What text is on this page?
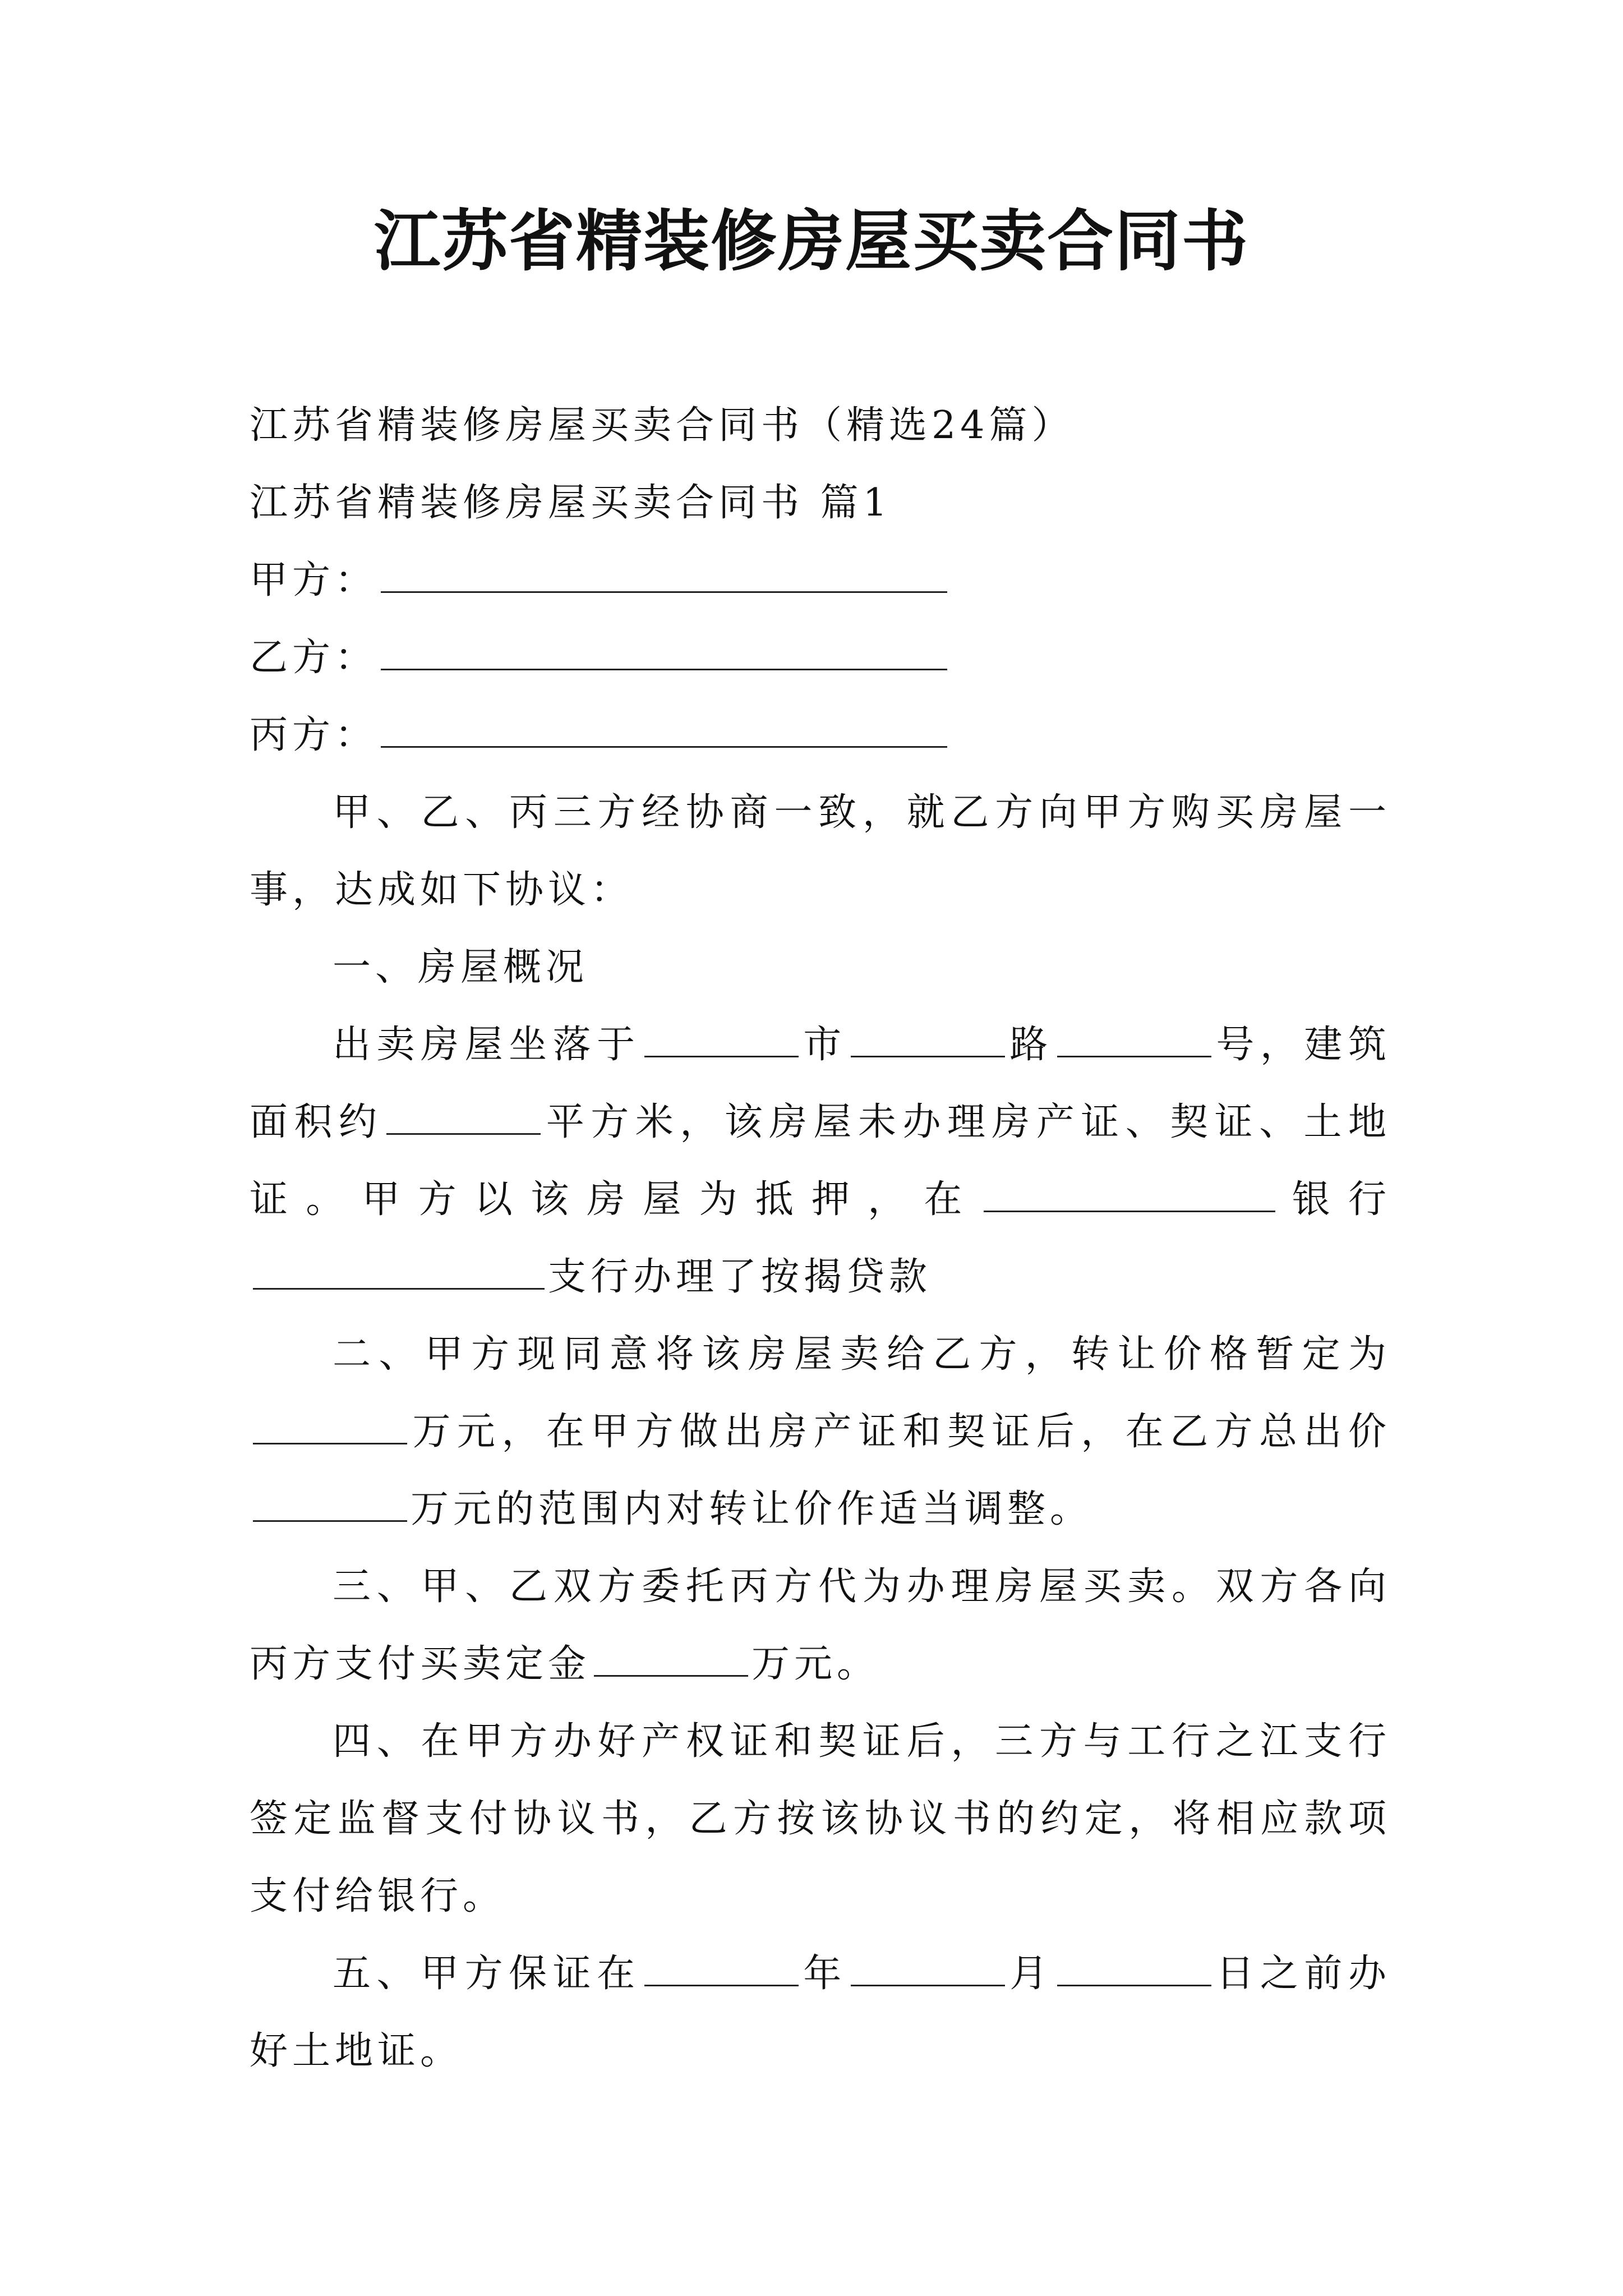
江苏省精装修房屋买卖合同书

江苏省精装修房屋买卖合同书（精选24篇）

江苏省精装修房屋买卖合同书 篇1

甲方：

乙方：

丙方：

甲、乙、丙三方经协商一致，就乙方向甲方购买房屋一事，达成如下协议：

一、房屋概况

出卖房屋坐落于	市	路	号，建筑面积约	平方米，该房屋未办理房产证、契证、土地证。甲方以该房屋为抵押，在	银行支行办理了按揭贷款

二、甲方现同意将该房屋卖给乙方，转让价格暂定为万元，在甲方做出房产证和契证后，在乙方总出价万元的范围内对转让价作适当调整。

三、甲、乙双方委托丙方代为办理房屋买卖。双方各向丙方支付买卖定金	万元。

四、在甲方办好产权证和契证后，三方与工行之江支行签定监督支付协议书，乙方按该协议书的约定，将相应款项支付给银行。

五、甲方保证在	年	月	日之前办好土地证。
